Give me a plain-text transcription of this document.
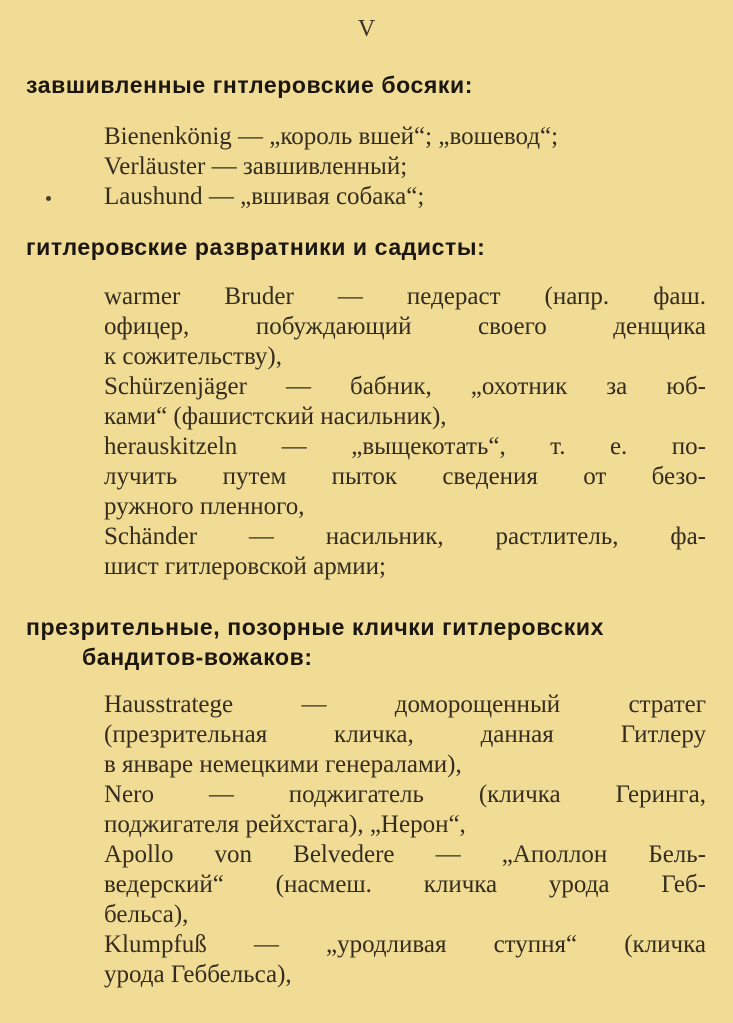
V
завшивленные гнтлеровские босяки:
Bienenkönig — „король вшей“; „вошевод“;
Verläuster — завшивленный;
Laushund — „вшивая собака“;
гитлеровские развратники и садисты:
warmer Bruder — педераст (напр. фаш.
офицер, побуждающий своего денщика
к сожительству),
Schürzenjäger — бабник, „охотник за юб-
ками“ (фашистский насильник),
herauskitzeln — „выщекотать“, т. е. по-
лучить путем пыток сведения от безо-
ружного пленного,
Schänder — насильник, растлитель, фа-
шист гитлеровской армии;
презрительные, позорные клички гитлеровских
бандитов-вожаков:
Hausstratege — доморощенный стратег
(презрительная кличка, данная Гитлеру
в январе немецкими генералами),
Nero — поджигатель (кличка Геринга,
поджигателя рейхстага), „Нерон“,
Apollo von Belvedere — „Аполлон Бель-
ведерский“ (насмеш. кличка урода Геб-
бельса),
Klumpfuß — „уродливая ступня“ (кличка
урода Геббельса),
